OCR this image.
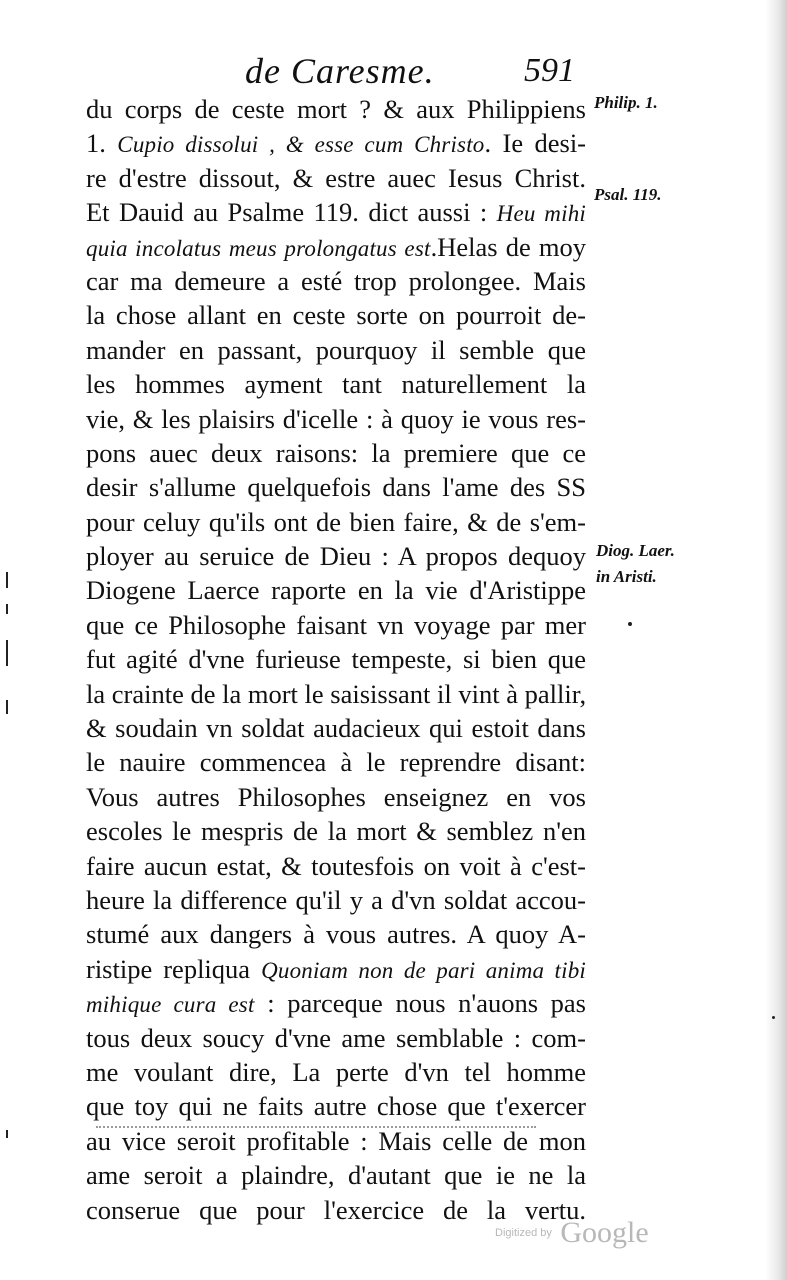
de Caresme.	591
du corps de ceste mort ? & aux Philippiens
1. Cupio dissolui , & esse cum Christo. Ie desi-
re d'estre dissout, & estre auec Iesus Christ.
Et Dauid au Psalme 119. dict aussi : Heu mihi
quia incolatus meus prolongatus est.Helas de moy
car ma demeure a esté trop prolongee. Mais
la chose allant en ceste sorte on pourroit de-
mander en passant, pourquoy il semble que
les hommes ayment tant naturellement la
vie, & les plaisirs d'icelle : à quoy ie vous res-
pons auec deux raisons: la premiere que ce
desir s'allume quelquefois dans l'ame des SS
pour celuy qu'ils ont de bien faire, & de s'em-
ployer au seruice de Dieu : A propos dequoy
Diogene Laerce raporte en la vie d'Aristippe
que ce Philosophe faisant vn voyage par mer
fut agité d'vne furieuse tempeste, si bien que
la crainte de la mort le saisissant il vint à pallir,
& soudain vn soldat audacieux qui estoit dans
le nauire commencea à le reprendre disant:
Vous autres Philosophes enseignez en vos
escoles le mespris de la mort & semblez n'en
faire aucun estat, & toutesfois on voit à c'est-
heure la difference qu'il y a d'vn soldat accou-
stumé aux dangers à vous autres. A quoy A-
ristipe repliqua Quoniam non de pari anima tibi
mihique cura est : parceque nous n'auons pas
tous deux soucy d'vne ame semblable : com-
me voulant dire, La perte d'vn tel homme
que toy qui ne faits autre chose que t'exercer
au vice seroit profitable : Mais celle de mon
ame seroit a plaindre, d'autant que ie ne la
conserue que pour l'exercice de la vertu.
Philip. 1.
Psal. 119.
Diog. Laer.
in Aristi.
Digitized by Google
